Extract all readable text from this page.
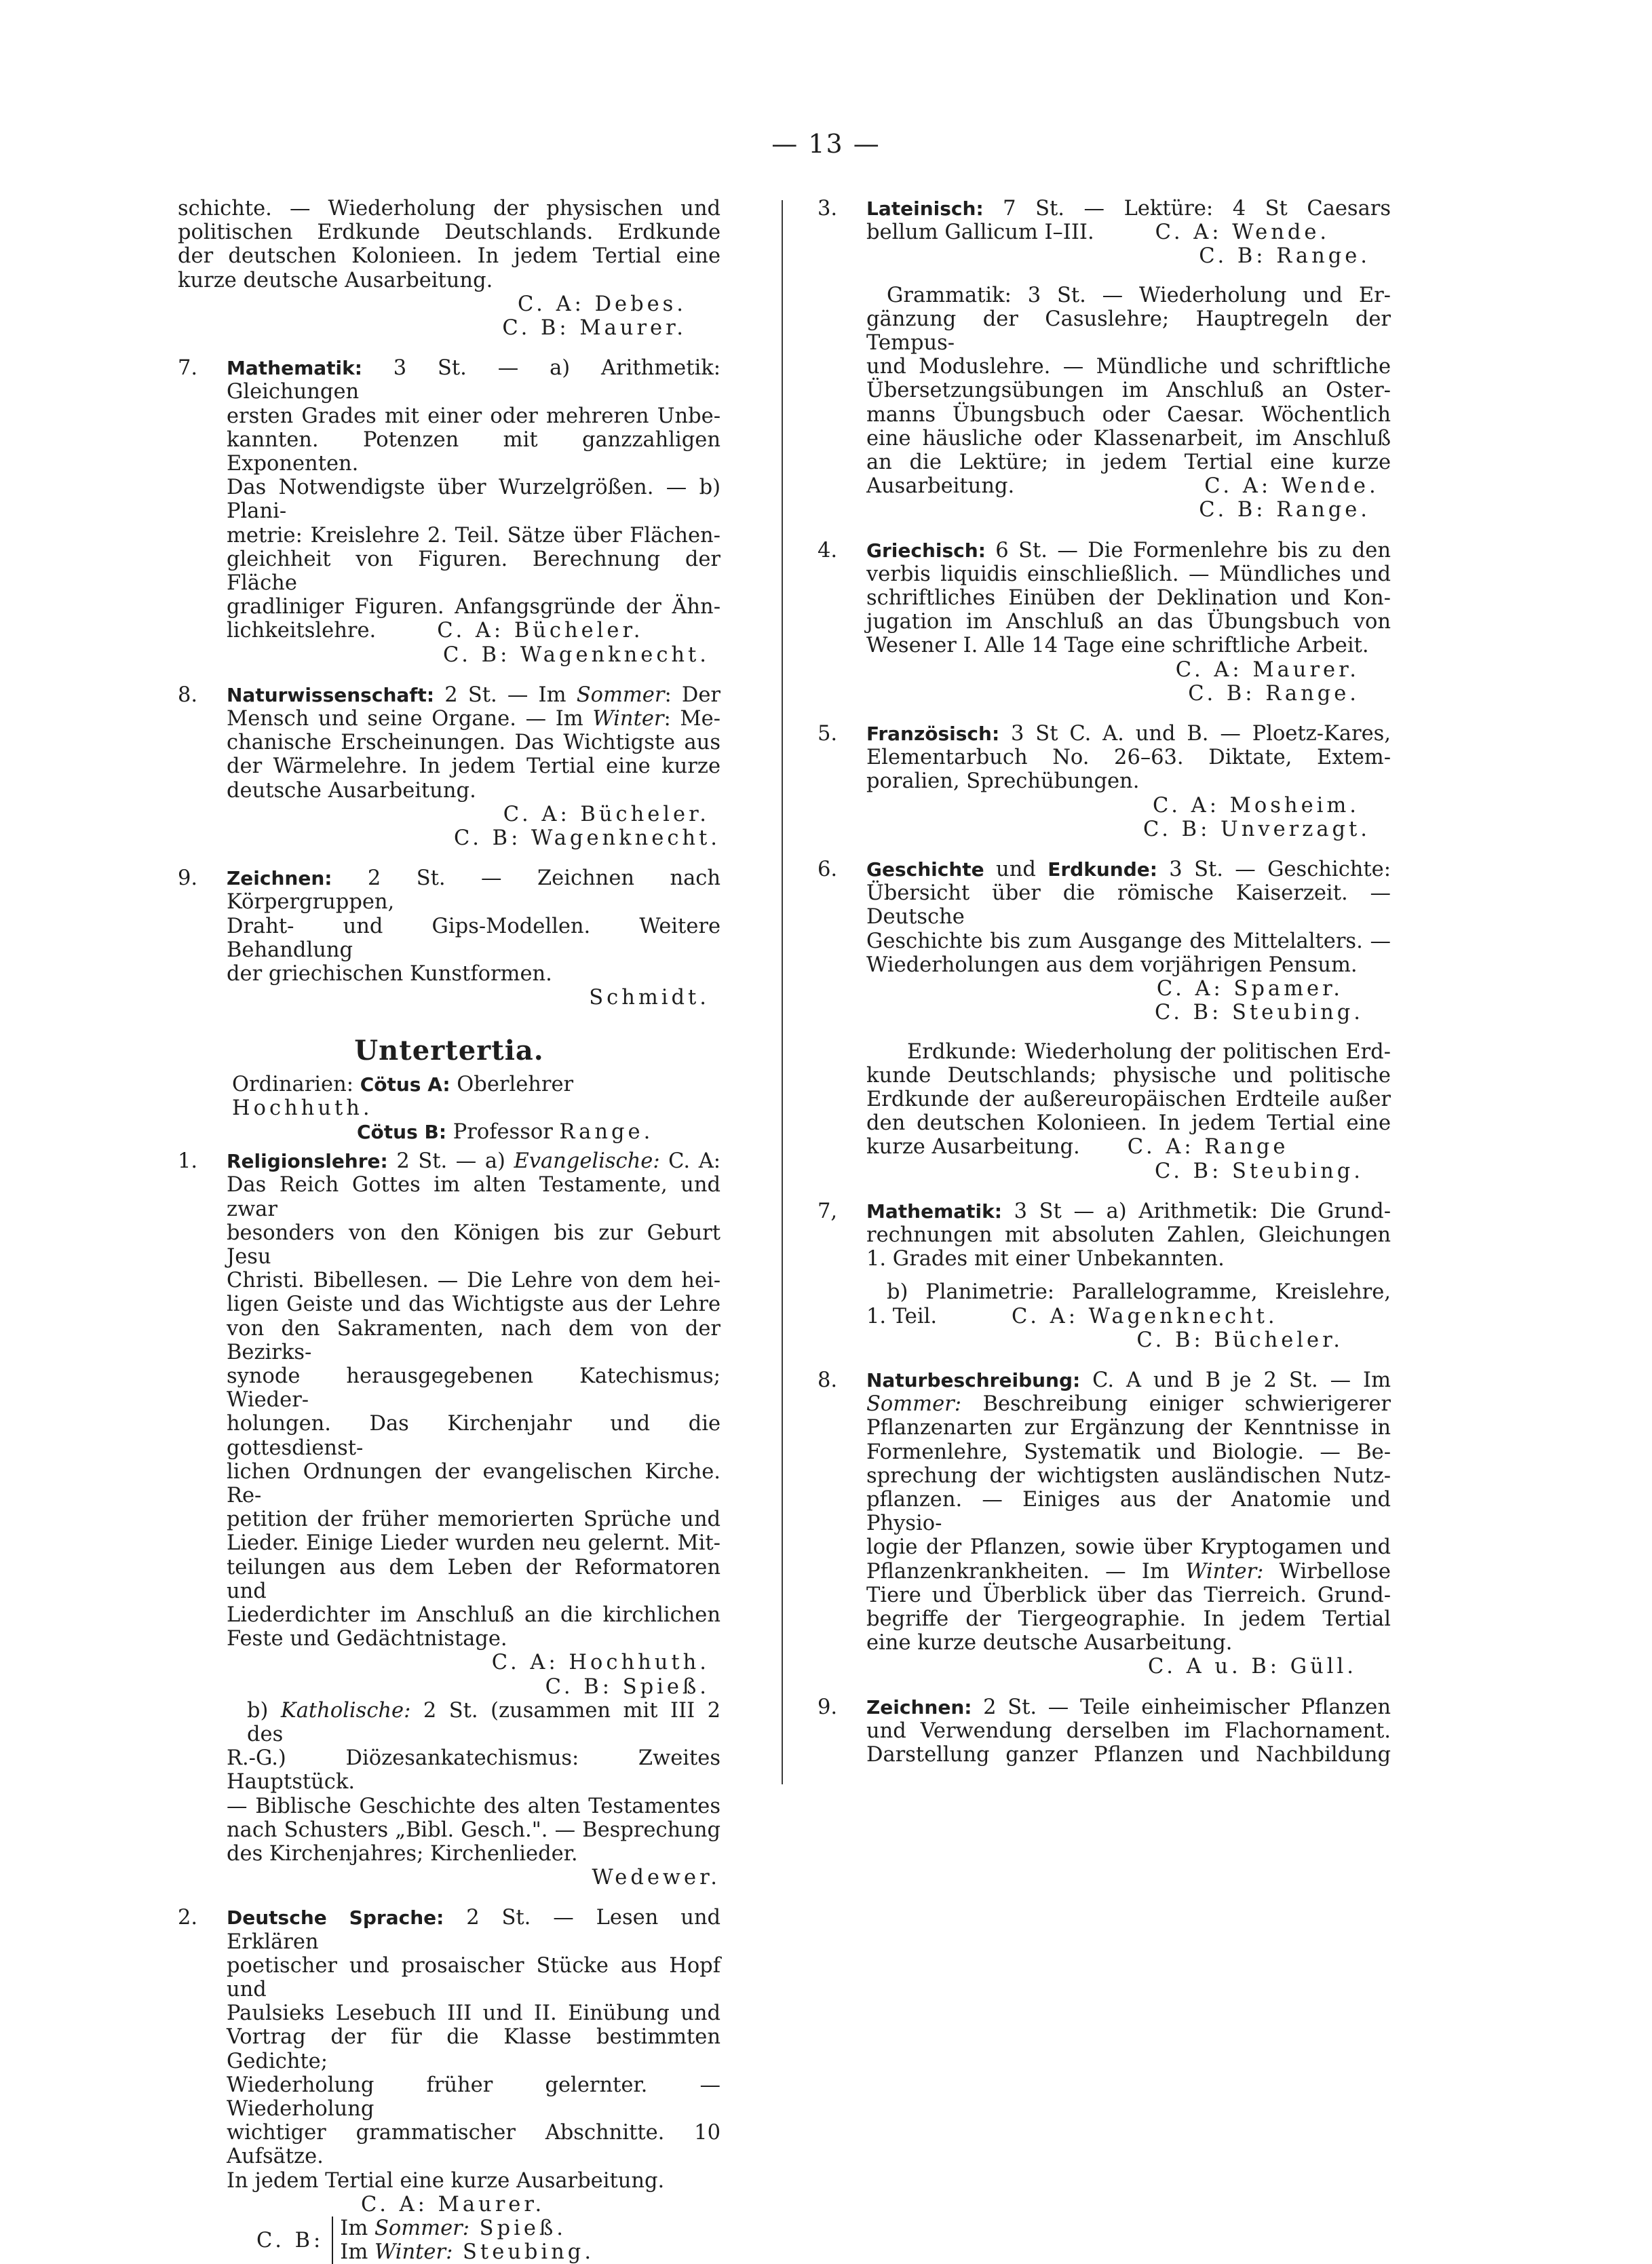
— 13 —
schichte. — Wiederholung der physischen und
politischen Erdkunde Deutschlands. Erdkunde
der deutschen Kolonieen. In jedem Tertial eine
kurze deutsche Ausarbeitung.
C. A: Debes.
C. B: Maurer.
7. Mathematik: 3 St. — a) Arithmetik: Gleichungen
ersten Grades mit einer oder mehreren Unbe-
kannten. Potenzen mit ganzzahligen Exponenten.
Das Notwendigste über Wurzelgrößen. — b) Plani-
metrie: Kreislehre 2. Teil. Sätze über Flächen-
gleichheit von Figuren. Berechnung der Fläche
gradliniger Figuren. Anfangsgründe der Ähn-
lichkeitslehre.	C. A: Bücheler.
C. B: Wagenknecht.
8. Naturwissenschaft: 2 St. — Im Sommer: Der
Mensch und seine Organe. — Im Winter: Me-
chanische Erscheinungen. Das Wichtigste aus
der Wärmelehre. In jedem Tertial eine kurze
deutsche Ausarbeitung.
C. A: Bücheler.
C. B: Wagenknecht.
9. Zeichnen: 2 St. — Zeichnen nach Körpergruppen,
Draht- und Gips-Modellen. Weitere Behandlung
der griechischen Kunstformen.
Schmidt.
Untertertia.
Ordinarien: Cötus A: Oberlehrer Hochhuth.
Cötus B: Professor Range.
1. Religionslehre: 2 St. — a) Evangelische: C. A:
Das Reich Gottes im alten Testamente, und zwar
besonders von den Königen bis zur Geburt Jesu
Christi. Bibellesen. — Die Lehre von dem hei-
ligen Geiste und das Wichtigste aus der Lehre
von den Sakramenten, nach dem von der Bezirks-
synode herausgegebenen Katechismus; Wieder-
holungen. Das Kirchenjahr und die gottesdienst-
lichen Ordnungen der evangelischen Kirche. Re-
petition der früher memorierten Sprüche und
Lieder. Einige Lieder wurden neu gelernt. Mit-
teilungen aus dem Leben der Reformatoren und
Liederdichter im Anschluß an die kirchlichen
Feste und Gedächtnistage.
C. A: Hochhuth.
C. B: Spieß.
b) Katholische: 2 St. (zusammen mit III 2 des
R.-G.) Diözesankatechismus: Zweites Hauptstück.
— Biblische Geschichte des alten Testamentes
nach Schusters „Bibl. Gesch.". — Besprechung
des Kirchenjahres; Kirchenlieder.
Wedewer.
2. Deutsche Sprache: 2 St. — Lesen und Erklären
poetischer und prosaischer Stücke aus Hopf und
Paulsieks Lesebuch III und II. Einübung und
Vortrag der für die Klasse bestimmten Gedichte;
Wiederholung früher gelernter. — Wiederholung
wichtiger grammatischer Abschnitte. 10 Aufsätze.
In jedem Tertial eine kurze Ausarbeitung.
C. A: Maurer.
C. B:
Im Sommer: Spieß.
Im Winter: Steubing.
3. Lateinisch: 7 St. — Lektüre: 4 St Caesars
bellum Gallicum I–III.	C. A: Wende.
C. B: Range.
Grammatik: 3 St. — Wiederholung und Er-
gänzung der Casuslehre; Hauptregeln der Tempus-
und Moduslehre. — Mündliche und schriftliche
Übersetzungsübungen im Anschluß an Oster-
manns Übungsbuch oder Caesar. Wöchentlich
eine häusliche oder Klassenarbeit, im Anschluß
an die Lektüre; in jedem Tertial eine kurze
Ausarbeitung.	C. A: Wende.
C. B: Range.
4. Griechisch: 6 St. — Die Formenlehre bis zu den
verbis liquidis einschließlich. — Mündliches und
schriftliches Einüben der Deklination und Kon-
jugation im Anschluß an das Übungsbuch von
Wesener I. Alle 14 Tage eine schriftliche Arbeit.
C. A: Maurer.
C. B: Range.
5. Französisch: 3 St C. A. und B. — Ploetz-Kares,
Elementarbuch No. 26–63. Diktate, Extem-
poralien, Sprechübungen.
C. A: Mosheim.
C. B: Unverzagt.
6. Geschichte und Erdkunde: 3 St. — Geschichte:
Übersicht über die römische Kaiserzeit. — Deutsche
Geschichte bis zum Ausgange des Mittelalters. —
Wiederholungen aus dem vorjährigen Pensum.
C. A: Spamer.
C. B: Steubing.
Erdkunde: Wiederholung der politischen Erd-
kunde Deutschlands; physische und politische
Erdkunde der außereuropäischen Erdteile außer
den deutschen Kolonieen. In jedem Tertial eine
kurze Ausarbeitung. C. A: Range
C. B: Steubing.
7, Mathematik: 3 St — a) Arithmetik: Die Grund-
rechnungen mit absoluten Zahlen, Gleichungen
1. Grades mit einer Unbekannten.
b) Planimetrie: Parallelogramme, Kreislehre,
1. Teil.	C. A: Wagenknecht.
C. B: Bücheler.
8. Naturbeschreibung: C. A und B je 2 St. — Im
Sommer: Beschreibung einiger schwierigerer
Pflanzenarten zur Ergänzung der Kenntnisse in
Formenlehre, Systematik und Biologie. — Be-
sprechung der wichtigsten ausländischen Nutz-
pflanzen. — Einiges aus der Anatomie und Physio-
logie der Pflanzen, sowie über Kryptogamen und
Pflanzenkrankheiten. — Im Winter: Wirbellose
Tiere und Überblick über das Tierreich. Grund-
begriffe der Tiergeographie. In jedem Tertial
eine kurze deutsche Ausarbeitung.
C. A u. B: Güll.
9. Zeichnen: 2 St. — Teile einheimischer Pflanzen
und Verwendung derselben im Flachornament.
Darstellung ganzer Pflanzen und Nachbildung
